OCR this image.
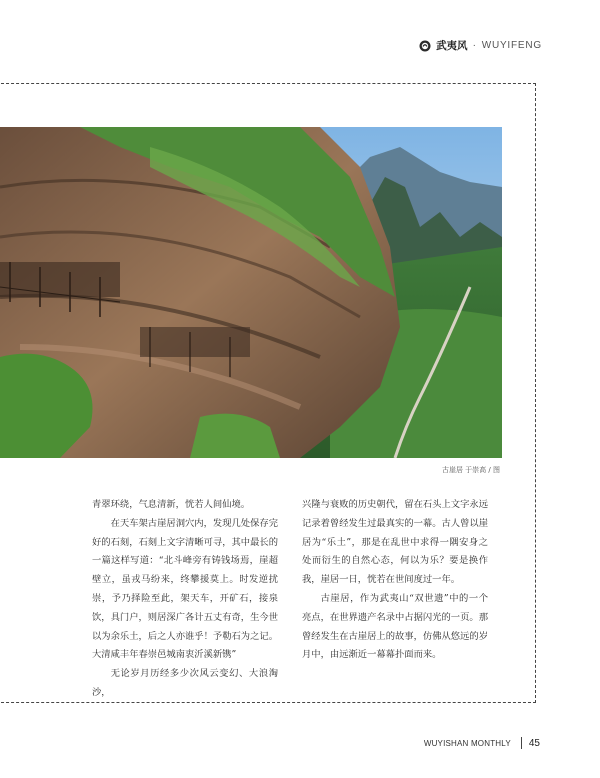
武夷风 · WUYIFENG
古崖居 于崇高 / 图

青翠环绕，气息清新，恍若人间仙境。

在天车架古崖居洞穴内，发现几处保存完好的石刻，石刻上文字清晰可寻，其中最长的一篇这样写道：“北斗峰旁有铸钱场焉，崖超壁立，虽戎马纷来，终攀援莫上。时发逆扰崇，予乃择险至此，架天车，开矿石，接泉饮，具门户，则居深广各计五丈有奇，生今世以为余乐土，后之人亦谁乎！予勒石为之记。大清咸丰年春崇邑城南衷沂溪新镌”

无论岁月历经多少次风云变幻、大浪淘沙，

兴隆与衰败的历史朝代，留在石头上文字永远记录着曾经发生过最真实的一幕。古人曾以崖居为“乐土”，那是在乱世中求得一隅安身之处而衍生的自然心态，何以为乐？要是换作我，崖居一日，恍若在世间度过一年。

古崖居，作为武夷山“双世遗”中的一个亮点，在世界遗产名录中占据闪光的一页。那曾经发生在古崖居上的故事，仿佛从悠远的岁月中，由远渐近一幕幕扑面而来。

WUYISHAN MONTHLY 45
